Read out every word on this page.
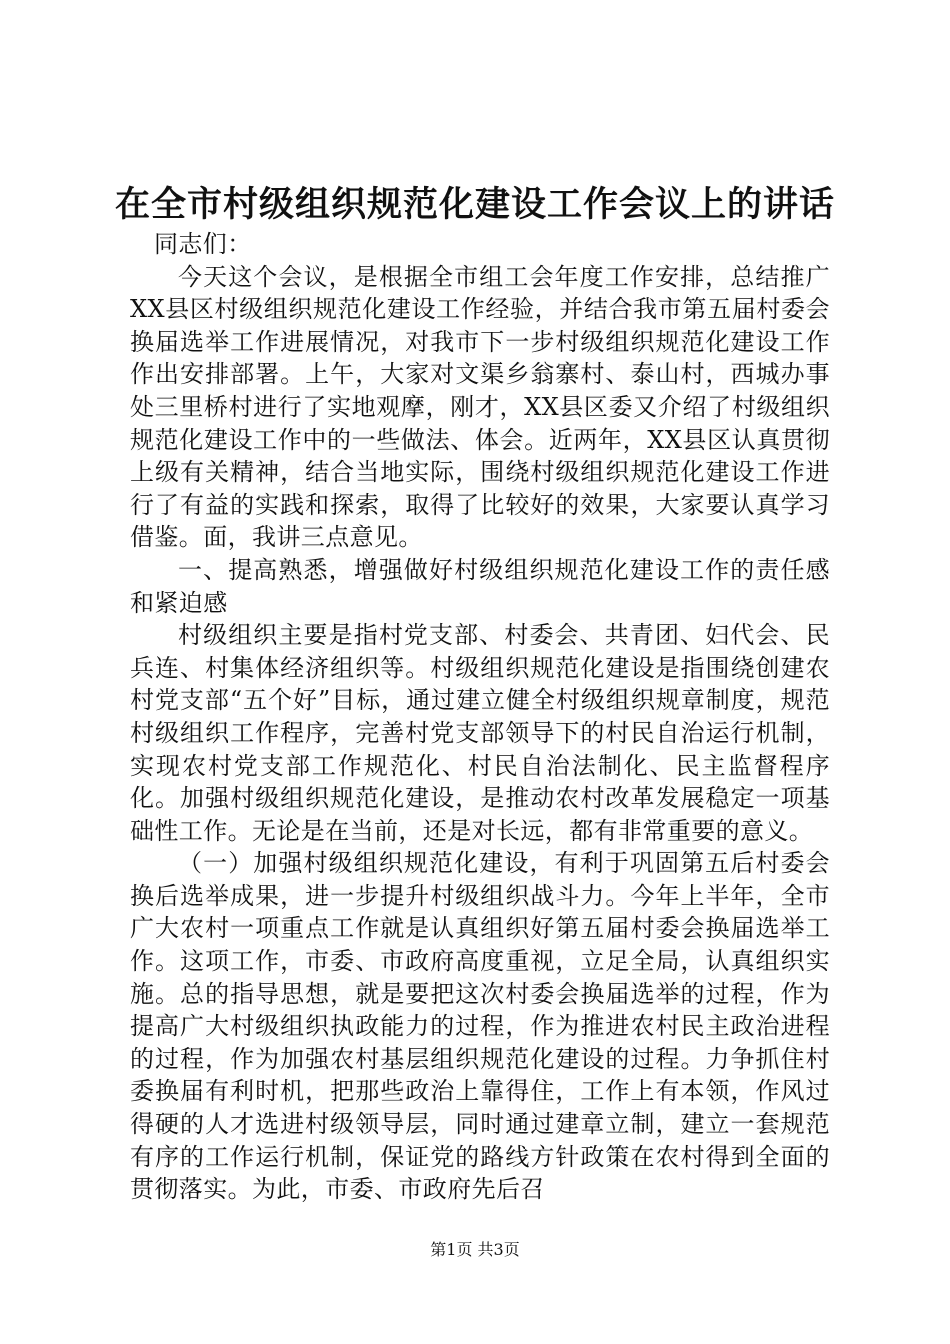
在全市村级组织规范化建设工作会议上的讲话

同志们：

今天这个会议，是根据全市组工会年度工作安排，总结推广XX县区村级组织规范化建设工作经验，并结合我市第五届村委会换届选举工作进展情况，对我市下一步村级组织规范化建设工作作出安排部署。上午，大家对文渠乡翁寨村、泰山村，西城办事处三里桥村进行了实地观摩，刚才，XX县区委又介绍了村级组织规范化建设工作中的一些做法、体会。近两年，XX县区认真贯彻上级有关精神，结合当地实际，围绕村级组织规范化建设工作进行了有益的实践和探索，取得了比较好的效果，大家要认真学习借鉴。面，我讲三点意见。

一、提高熟悉，增强做好村级组织规范化建设工作的责任感和紧迫感

村级组织主要是指村党支部、村委会、共青团、妇代会、民兵连、村集体经济组织等。村级组织规范化建设是指围绕创建农村党支部“五个好”目标，通过建立健全村级组织规章制度，规范村级组织工作程序，完善村党支部领导下的村民自治运行机制，实现农村党支部工作规范化、村民自治法制化、民主监督程序化。加强村级组织规范化建设，是推动农村改革发展稳定一项基础性工作。无论是在当前，还是对长远，都有非常重要的意义。

（一）加强村级组织规范化建设，有利于巩固第五后村委会换后选举成果，进一步提升村级组织战斗力。今年上半年，全市广大农村一项重点工作就是认真组织好第五届村委会换届选举工作。这项工作，市委、市政府高度重视，立足全局，认真组织实施。总的指导思想，就是要把这次村委会换届选举的过程，作为提高广大村级组织执政能力的过程，作为推进农村民主政治进程的过程，作为加强农村基层组织规范化建设的过程。力争抓住村委换届有利时机，把那些政治上靠得住，工作上有本领，作风过得硬的人才选进村级领导层，同时通过建章立制，建立一套规范有序的工作运行机制，保证党的路线方针政策在农村得到全面的贯彻落实。为此，市委、市政府先后召

第1页 共3页
